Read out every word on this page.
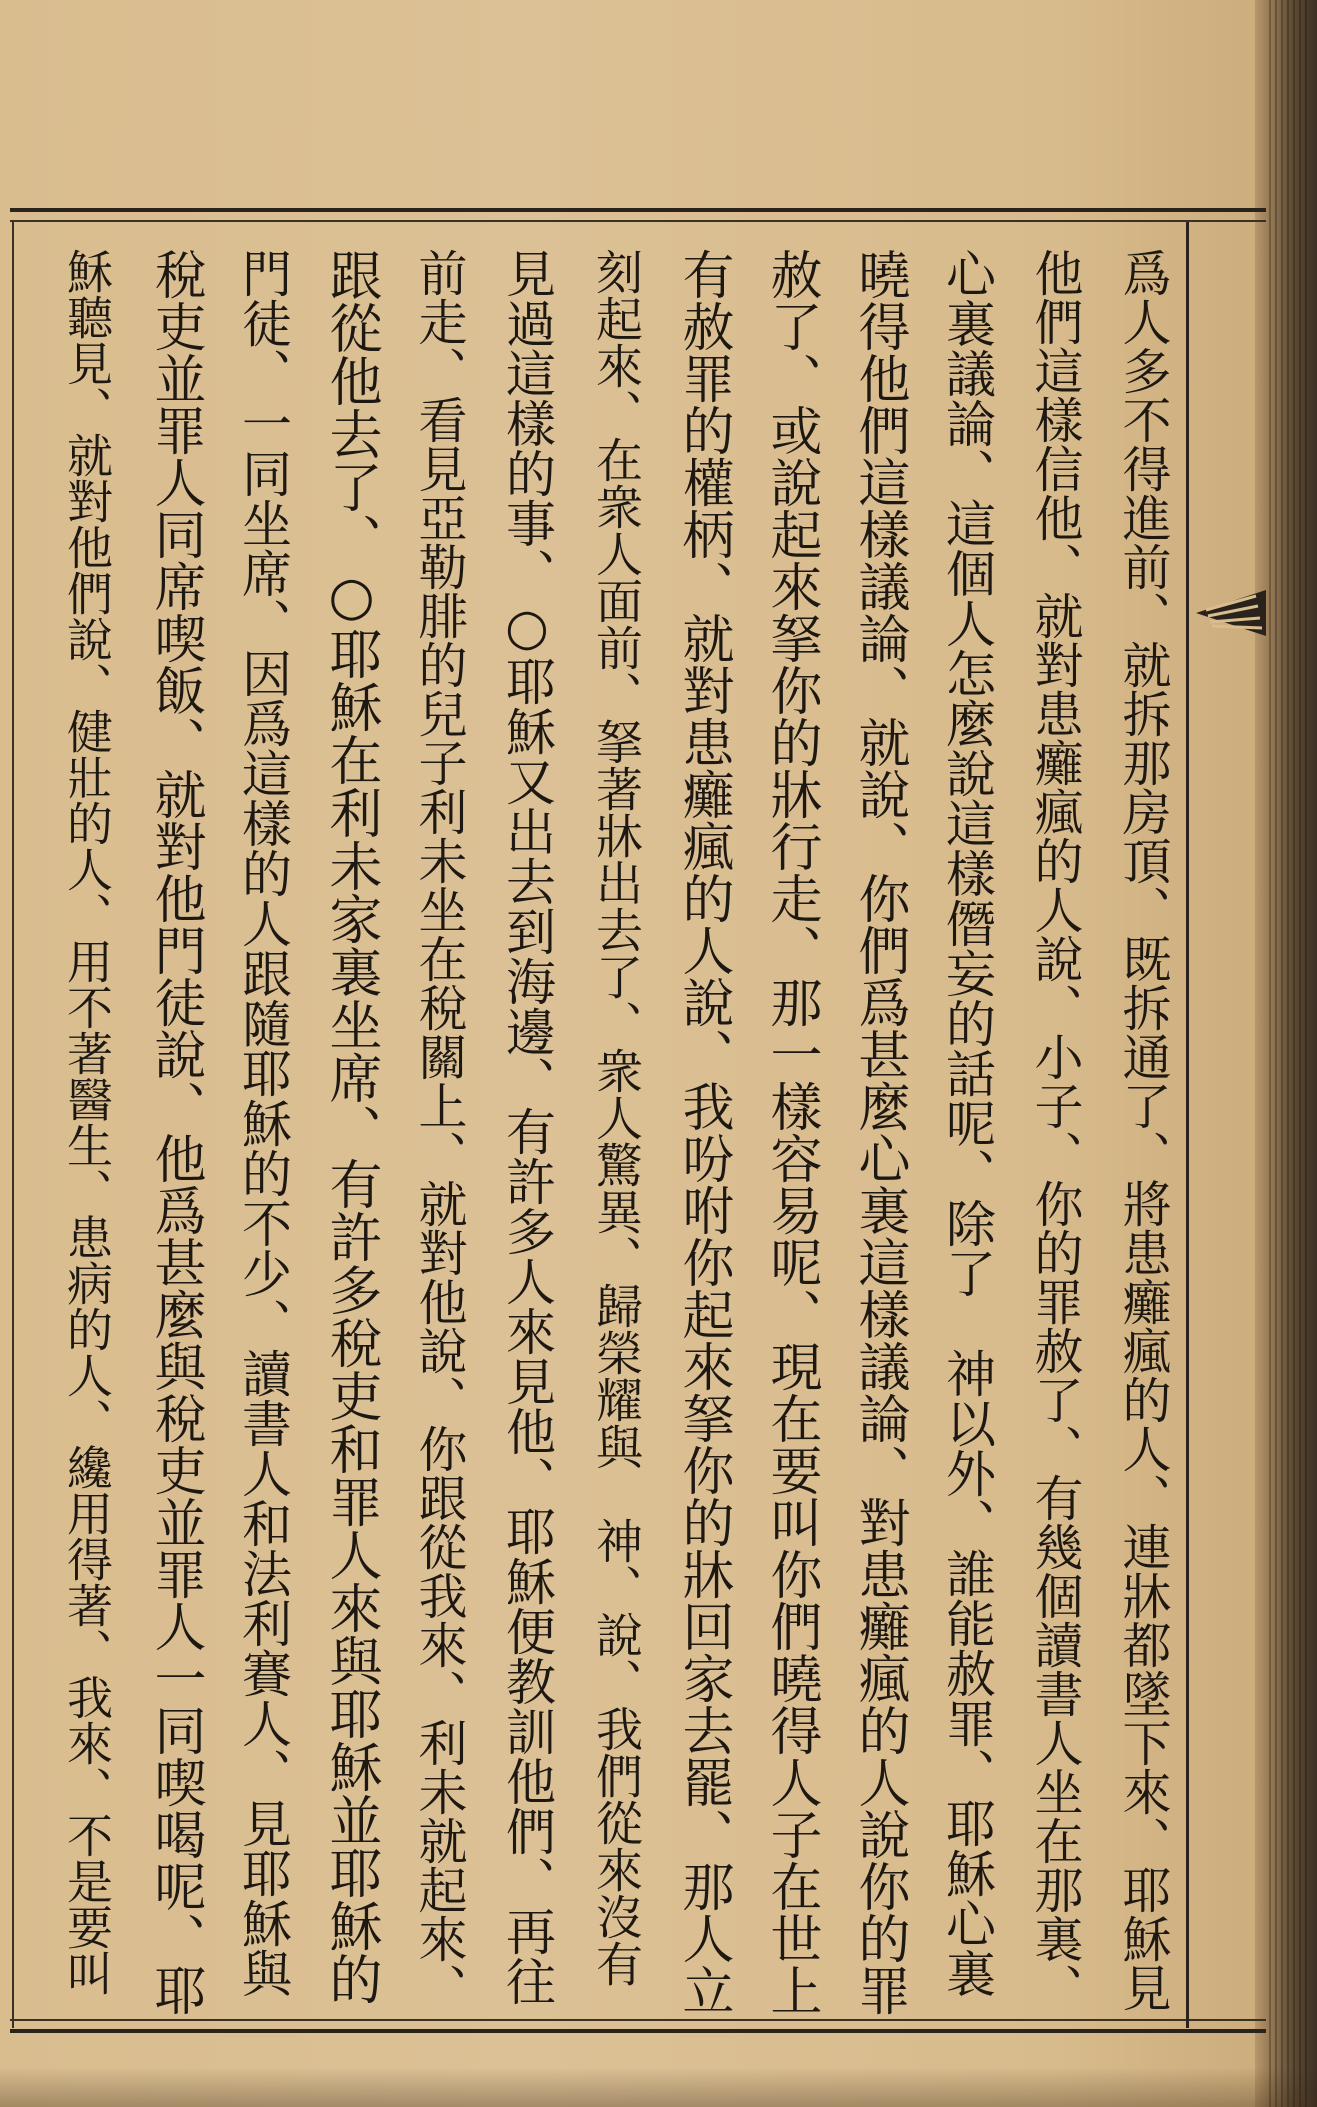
爲人多不得進前、就拆那房頂、既拆通了、將患癱瘋的人、連牀都墜下來、耶穌見
他們這樣信他、就對患癱瘋的人說、小子、你的罪赦了、有幾個讀書人坐在那裏、
心裏議論、這個人怎麼說這樣僭妄的話呢、除了　神以外、誰能赦罪、耶穌心裏
曉得他們這樣議論、就說、你們爲甚麼心裏這樣議論、對患癱瘋的人說你的罪
赦了、或說起來拏你的牀行走、那一樣容易呢、現在要叫你們曉得人子在世上
有赦罪的權柄、就對患癱瘋的人說、我吩咐你起來拏你的牀回家去罷、那人立
刻起來、在衆人面前、拏著牀出去了、衆人驚異、歸榮耀與　神、說、我們從來沒有
見過這樣的事、○耶穌又出去到海邊、有許多人來見他、耶穌便教訓他們、再往
前走、看見亞勒腓的兒子利未坐在稅關上、就對他說、你跟從我來、利未就起來、
跟從他去了、○耶穌在利未家裏坐席、有許多稅吏和罪人來與耶穌並耶穌的
門徒、一同坐席、因爲這樣的人跟隨耶穌的不少、讀書人和法利賽人、見耶穌與
稅吏並罪人同席喫飯、就對他門徒說、他爲甚麼與稅吏並罪人一同喫喝呢、耶
穌聽見、就對他們說、健壯的人、用不著醫生、患病的人、纔用得著、我來、不是要叫
